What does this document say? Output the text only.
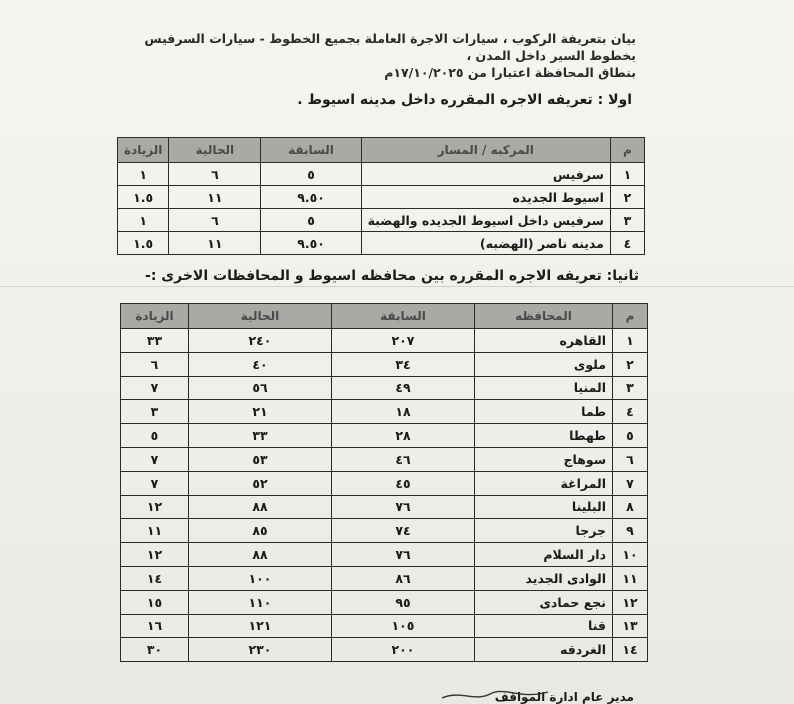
بيان بتعريفة الركوب ، سيارات الاجرة العاملة بجميع الخطوط - سيارات السرفيس بخطوط السير داخل المدن ،
بنطاق المحافظة اعتبارا من ١٧/١٠/٢٠٢٥م
اولا : تعريفه الاجره المقرره داخل مدينه اسيوط .
م	المركبه / المسار	السابقة	الحالية	الزيادة
١	سرفيس	٥	٦	١
٢	اسيوط الجديده	٩.٥٠	١١	١.٥
٣	سرفيس داخل اسيوط الجديده والهضبة	٥	٦	١
٤	مدينه ناصر (الهضبه)	٩.٥٠	١١	١.٥
ثانيا: تعريفه الاجره المقرره بين محافظه اسيوط و المحافظات الاخرى :-
م	المحافظه	السابقة	الحالية	الزيادة
١	القاهره	٢٠٧	٢٤٠	٣٣
٢	ملوى	٣٤	٤٠	٦
٣	المنيا	٤٩	٥٦	٧
٤	طما	١٨	٢١	٣
٥	طهطا	٢٨	٣٣	٥
٦	سوهاج	٤٦	٥٣	٧
٧	المراغة	٤٥	٥٢	٧
٨	البلينا	٧٦	٨٨	١٢
٩	جرجا	٧٤	٨٥	١١
١٠	دار السلام	٧٦	٨٨	١٢
١١	الوادى الجديد	٨٦	١٠٠	١٤
١٢	نجع حمادى	٩٥	١١٠	١٥
١٣	قنا	١٠٥	١٢١	١٦
١٤	الغردقه	٢٠٠	٢٣٠	٣٠
مدير عام ادارة المواقف
